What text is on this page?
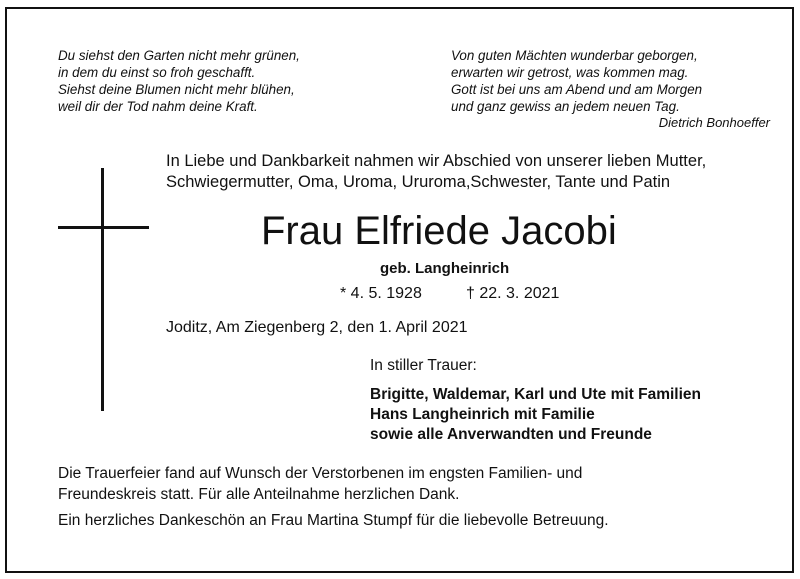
Du siehst den Garten nicht mehr grünen,
in dem du einst so froh geschafft.
Siehst deine Blumen nicht mehr blühen,
weil dir der Tod nahm deine Kraft.
Von guten Mächten wunderbar geborgen,
erwarten wir getrost, was kommen mag.
Gott ist bei uns am Abend und am Morgen
und ganz gewiss an jedem neuen Tag.
Dietrich Bonhoeffer
In Liebe und Dankbarkeit nahmen wir Abschied von unserer lieben Mutter,
Schwiegermutter, Oma, Uroma, Ururoma,Schwester, Tante und Patin
Frau Elfriede Jacobi
geb. Langheinrich
* 4. 5. 1928	† 22. 3. 2021
Joditz, Am Ziegenberg 2, den 1. April 2021
In stiller Trauer:
Brigitte, Waldemar, Karl und Ute mit Familien
Hans Langheinrich mit Familie
sowie alle Anverwandten und Freunde
Die Trauerfeier fand auf Wunsch der Verstorbenen im engsten Familien- und
Freundeskreis statt. Für alle Anteilnahme herzlichen Dank.
Ein herzliches Dankeschön an Frau Martina Stumpf für die liebevolle Betreuung.
